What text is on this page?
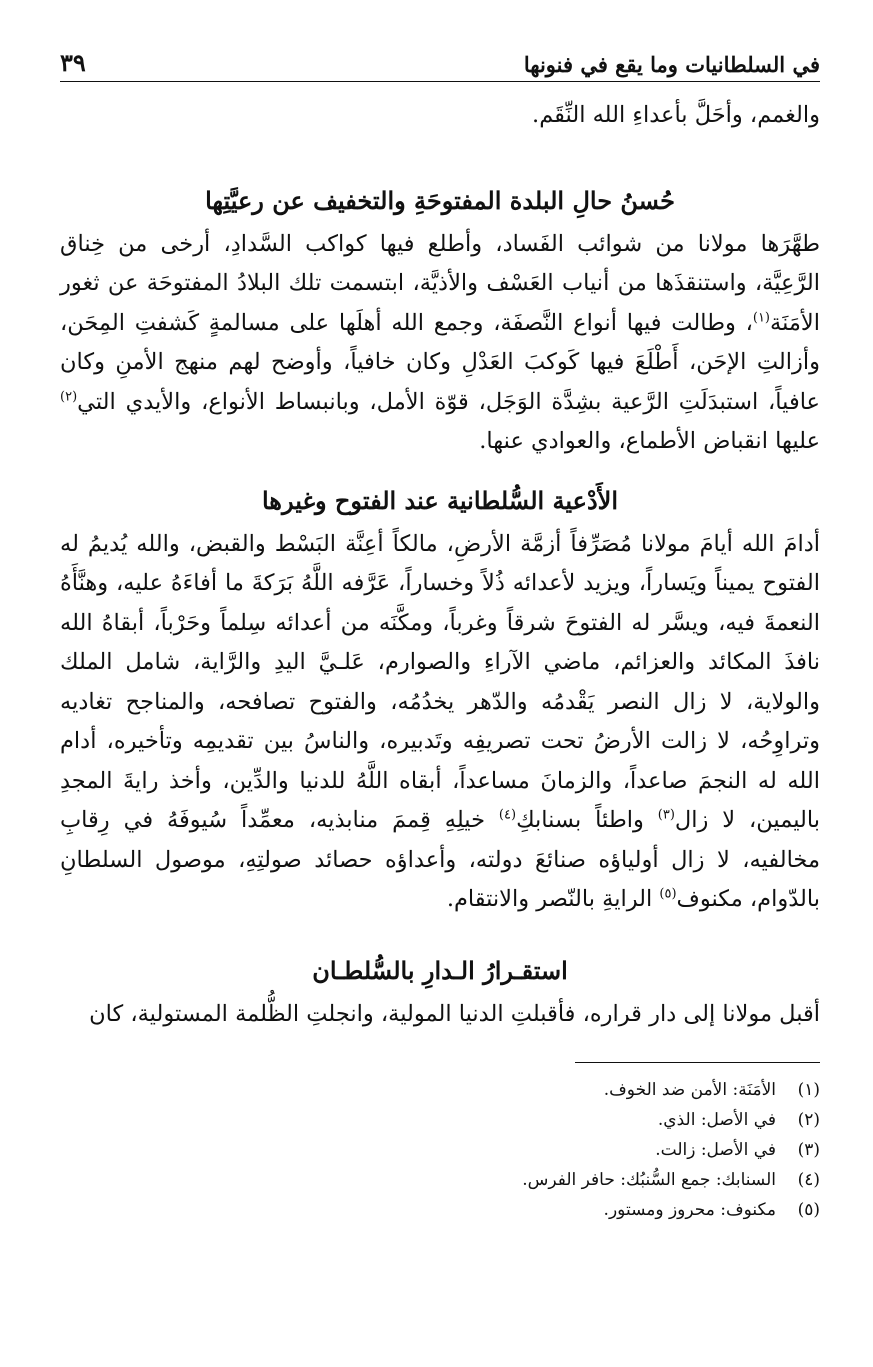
في السلطانيات وما يقع في فنونها
٣٩

والغمم، وأحَلَّ بأعداءِ الله النِّقَم.

حُسنُ حالِ البلدة المفتوحَةِ والتخفيف عن رعيَّتِها

طهَّرَها مولانا من شوائب الفَساد، وأطلع فيها كواكب السَّدادِ، أرخى من خِناق الرَّعِيَّة، واستنقذَها من أنياب العَسْف والأذيَّة، ابتسمت تلك البلادُ المفتوحَة عن ثغور الأمَنَة$^{(١)}$، وطالت فيها أنواع النَّصفَة، وجمع الله أهلَها على مسالمةٍ كَشفتِ المِحَن، وأزالتِ الإحَن، أَطْلَعَ فيها كَوكبَ العَدْلِ وكان خافياً، وأوضح لهم منهج الأمنِ وكان عافياً، استبدَلَتِ الرَّعية بشِدَّة الوَجَل، قوّة الأمل، وبانبساط الأنواع، والأيدي التي$^{(٢)}$ عليها انقباض الأطماع، والعوادي عنها.

الأَدْعية السُّلطانية عند الفتوح وغيرها

أدامَ الله أيامَ مولانا مُصَرِّفاً أزمَّة الأرضِ، مالكاً أعِنَّة البَسْط والقبض، والله يُديمُ له الفتوح يميناً ويَساراً، ويزيد لأعدائه ذُلاً وخساراً، عَرَّفه اللَّهُ بَرَكةَ ما أفاءَهُ عليه، وهنَّأَهُ النعمةَ فيه، ويسَّر له الفتوحَ شرقاً وغرباً، ومكَّنَه من أعدائه سِلماً وحَرْباً، أبقاهُ الله نافذَ المكائد والعزائم، ماضي الآراءِ والصوارم، عَلـيَّ اليدِ والرَّاية، شامل الملك والولاية، لا زال النصر يَقْدمُه والدّهر يخدُمُه، والفتوح تصافحه، والمناجح تغاديه وتراوِحُه، لا زالت الأرضُ تحت تصريفِه وتَدبيره، والناسُ بين تقديمِه وتأخيره، أدام الله له النجمَ صاعداً، والزمانَ مساعداً، أبقاه اللَّهُ للدنيا والدِّين، وأخذ رايةَ المجدِ باليمين، لا زال$^{(٣)}$ واطئاً بسنابكِ$^{(٤)}$ خيلِهِ قِممَ منابذيه، معمِّداً سُيوفَهُ في رِقابِ مخالفيه، لا زال أولياؤه صنائعَ دولته، وأعداؤه حصائد صولتِهِ، موصول السلطانِ بالدّوام، مكنوف$^{(٥)}$ الرايةِ بالنّصر والانتقام.

استقـرارُ الـدارِ بالسُّلطـان

أقبل مولانا إلى دار قراره، فأقبلتِ الدنيا المولية، وانجلتِ الظُّلمة المستولية، كان

(١)
الأمَنَة: الأمن ضد الخوف.
(٢)
في الأصل: الذي.
(٣)
في الأصل: زالت.
(٤)
السنابك: جمع السُّنبُك: حافر الفرس.
(٥)
مكنوف: محروز ومستور.
